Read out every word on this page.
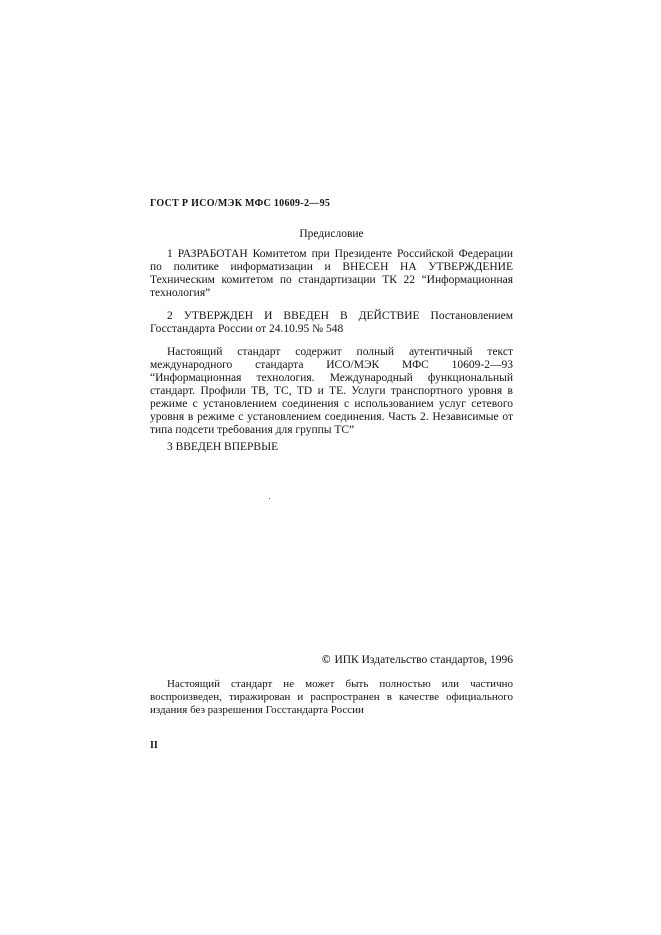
ГОСТ Р ИСО/МЭК МФС 10609-2—95
Предисловие

1 РАЗРАБОТАН Комитетом при Президенте Российской Федерации по политике информатизации и ВНЕСЕН НА УТВЕРЖДЕНИЕ Техническим комитетом по стандартизации ТК 22 “Информационная технология”

2 УТВЕРЖДЕН И ВВЕДЕН В ДЕЙСТВИЕ Постановлением Госстандарта России от 24.10.95 № 548

Настоящий стандарт содержит полный аутентичный текст международного стандарта ИСО/МЭК МФС 10609-2—93 “Информационная технология. Международный функциональный стандарт. Профили ТВ, ТС, TD и ТЕ. Услуги транспортного уровня в режиме с установлением соединения с использованием услуг сетевого уровня в режиме с установлением соединения. Часть 2. Независимые от типа подсети требования для группы ТС”

3 ВВЕДЕН ВПЕРВЫЕ

© ИПК Издательство стандартов, 1996

Настоящий стандарт не может быть полностью или частично воспроизведен, тиражирован и распространен в качестве официального издания без разрешения Госстандарта России

II
